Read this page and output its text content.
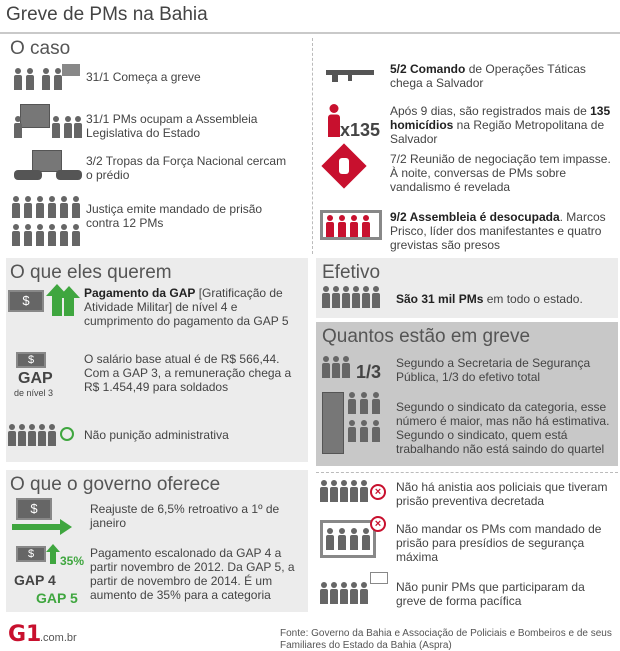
Greve de PMs na Bahia
O caso
31/1 Começa a greve
31/1 PMs ocupam a Assembleia Legislativa do Estado
3/2 Tropas da Força Nacional cercam o prédio
Justiça emite mandado de prisão contra 12 PMs
5/2 Comando de Operações Táticas chega a Salvador
x135
Após 9 dias, são registrados mais de 135 homicídios na Região Metropolitana de Salvador
7/2 Reunião de negociação tem impasse. À noite, conversas de PMs sobre vandalismo é revelada
9/2 Assembleia é desocupada. Marcos Prisco, líder dos manifestantes e quatro grevistas são presos
O que eles querem
$	Pagamento da GAP [Gratificação de Atividade Militar] de nível 4 e cumprimento do pagamento da GAP 5
$
GAP
de nível 3
O salário base atual é de R$ 566,44. Com a GAP 3, a remuneração chega a R$ 1.454,49 para soldados
Não punição administrativa
Efetivo
São 31 mil PMs em todo o estado.
Quantos estão em greve
1/3 Segundo a Secretaria de Segurança Pública, 1/3 do efetivo total
Segundo o sindicato da categoria, esse número é maior, mas não há estimativa. Segundo o sindicato, quem está trabalhando não está saindo do quartel
O que o governo oferece
$	Reajuste de 6,5% retroativo a 1º de janeiro
$	35%
GAP 4
GAP 5
Pagamento escalonado da GAP 4 a partir novembro de 2012. Da GAP 5, a partir de novembro de 2014. É um aumento de 35% para a categoria
×	Não há anistia aos policiais que tiveram prisão preventiva decretada
×	Não mandar os PMs com mandado de prisão para presídios de segurança máxima
Não punir PMs que participaram da greve de forma pacífica
G1
.com.br	Fonte: Governo da Bahia e Associação de Policiais e Bombeiros e de seus Familiares do Estado da Bahia (Aspra)
